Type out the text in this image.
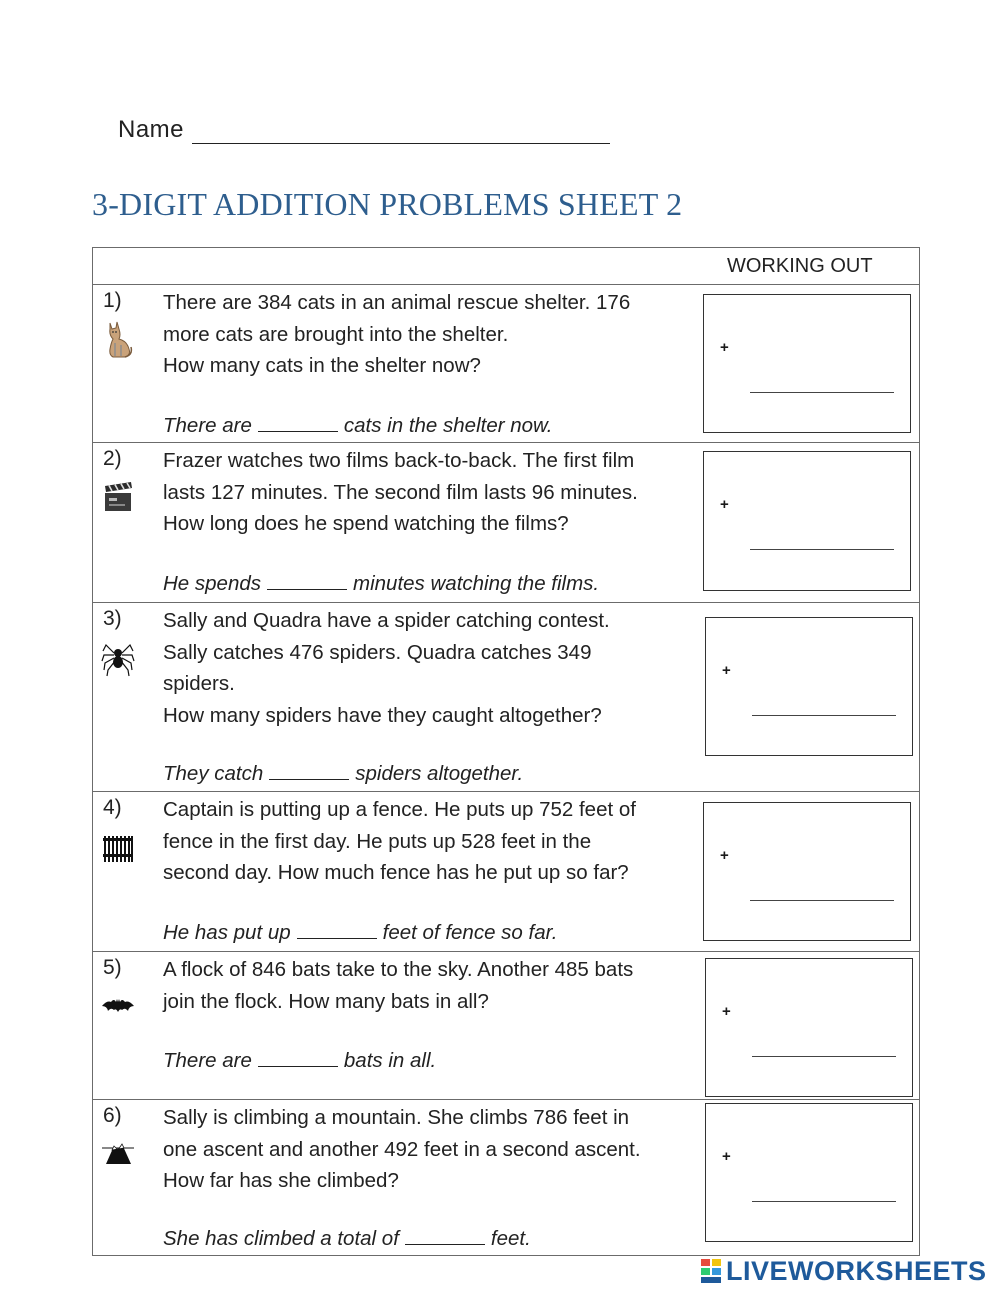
Name
3-DIGIT ADDITION PROBLEMS SHEET 2
WORKING OUT
1) There are 384 cats in an animal rescue shelter. 176

more cats are brought into the shelter.

How many cats in the shelter now?

There are	cats in the shelter now.
+
2) Frazer watches two films back-to-back. The first film

lasts 127 minutes. The second film lasts 96 minutes.

How long does he spend watching the films?

He spends	minutes watching the films.
+
3) Sally and Quadra have a spider catching contest.

Sally catches 476 spiders. Quadra catches 349

spiders.

How many spiders have they caught altogether?

They catch	spiders altogether.
+
4) Captain is putting up a fence. He puts up 752 feet of

fence in the first day. He puts up 528 feet in the

second day. How much fence has he put up so far?

He has put up	feet of fence so far.
+
5) A flock of 846 bats take to the sky. Another 485 bats

join the flock. How many bats in all?

There are	bats in all.
+
6) Sally is climbing a mountain. She climbs 786 feet in

one ascent and another 492 feet in a second ascent.

How far has she climbed?

She has climbed a total of	feet.
+
LIVEWORKSHEETS
